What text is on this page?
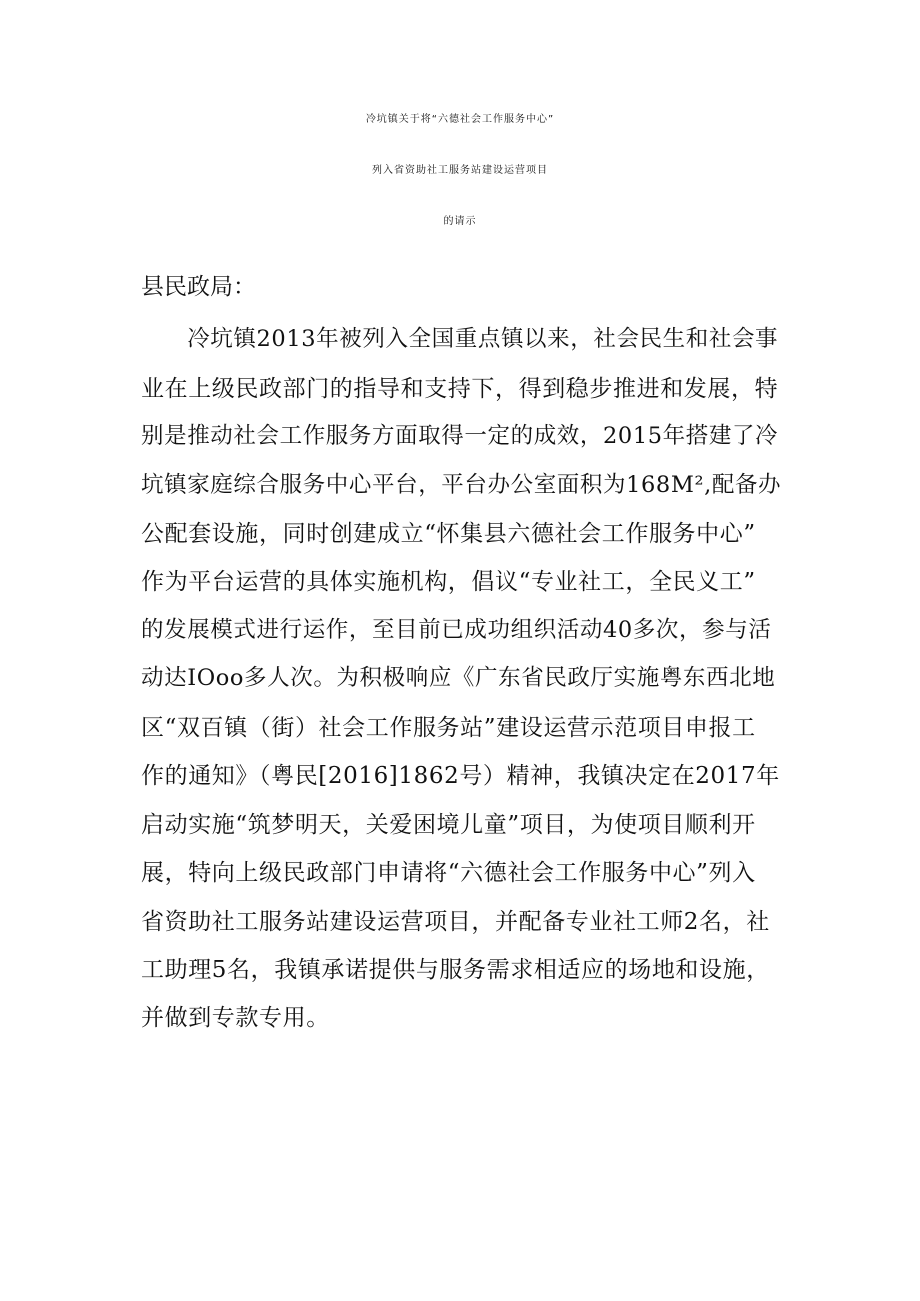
冷坑镇关于将“六德社会工作服务中心”
列入省资助社工服务站建设运营项目
的请示
县民政局：
　　冷坑镇2013年被列入全国重点镇以来，社会民生和社会事
业在上级民政部门的指导和支持下，得到稳步推进和发展，特
别是推动社会工作服务方面取得一定的成效，2015年搭建了冷
坑镇家庭综合服务中心平台，平台办公室面积为168M²,配备办
公配套设施，同时创建成立“怀集县六德社会工作服务中心”
作为平台运营的具体实施机构，倡议“专业社工，全民义工”
的发展模式进行运作，至目前已成功组织活动40多次，参与活
动达IOoo多人次。为积极响应《广东省民政厅实施粤东西北地
区“双百镇（街）社会工作服务站”建设运营示范项目申报工
作的通知》（粤民[2016]1862号）精神，我镇决定在2017年
启动实施“筑梦明天，关爱困境儿童”项目，为使项目顺利开
展，特向上级民政部门申请将“六德社会工作服务中心”列入
省资助社工服务站建设运营项目，并配备专业社工师2名，社
工助理5名，我镇承诺提供与服务需求相适应的场地和设施，
并做到专款专用。
